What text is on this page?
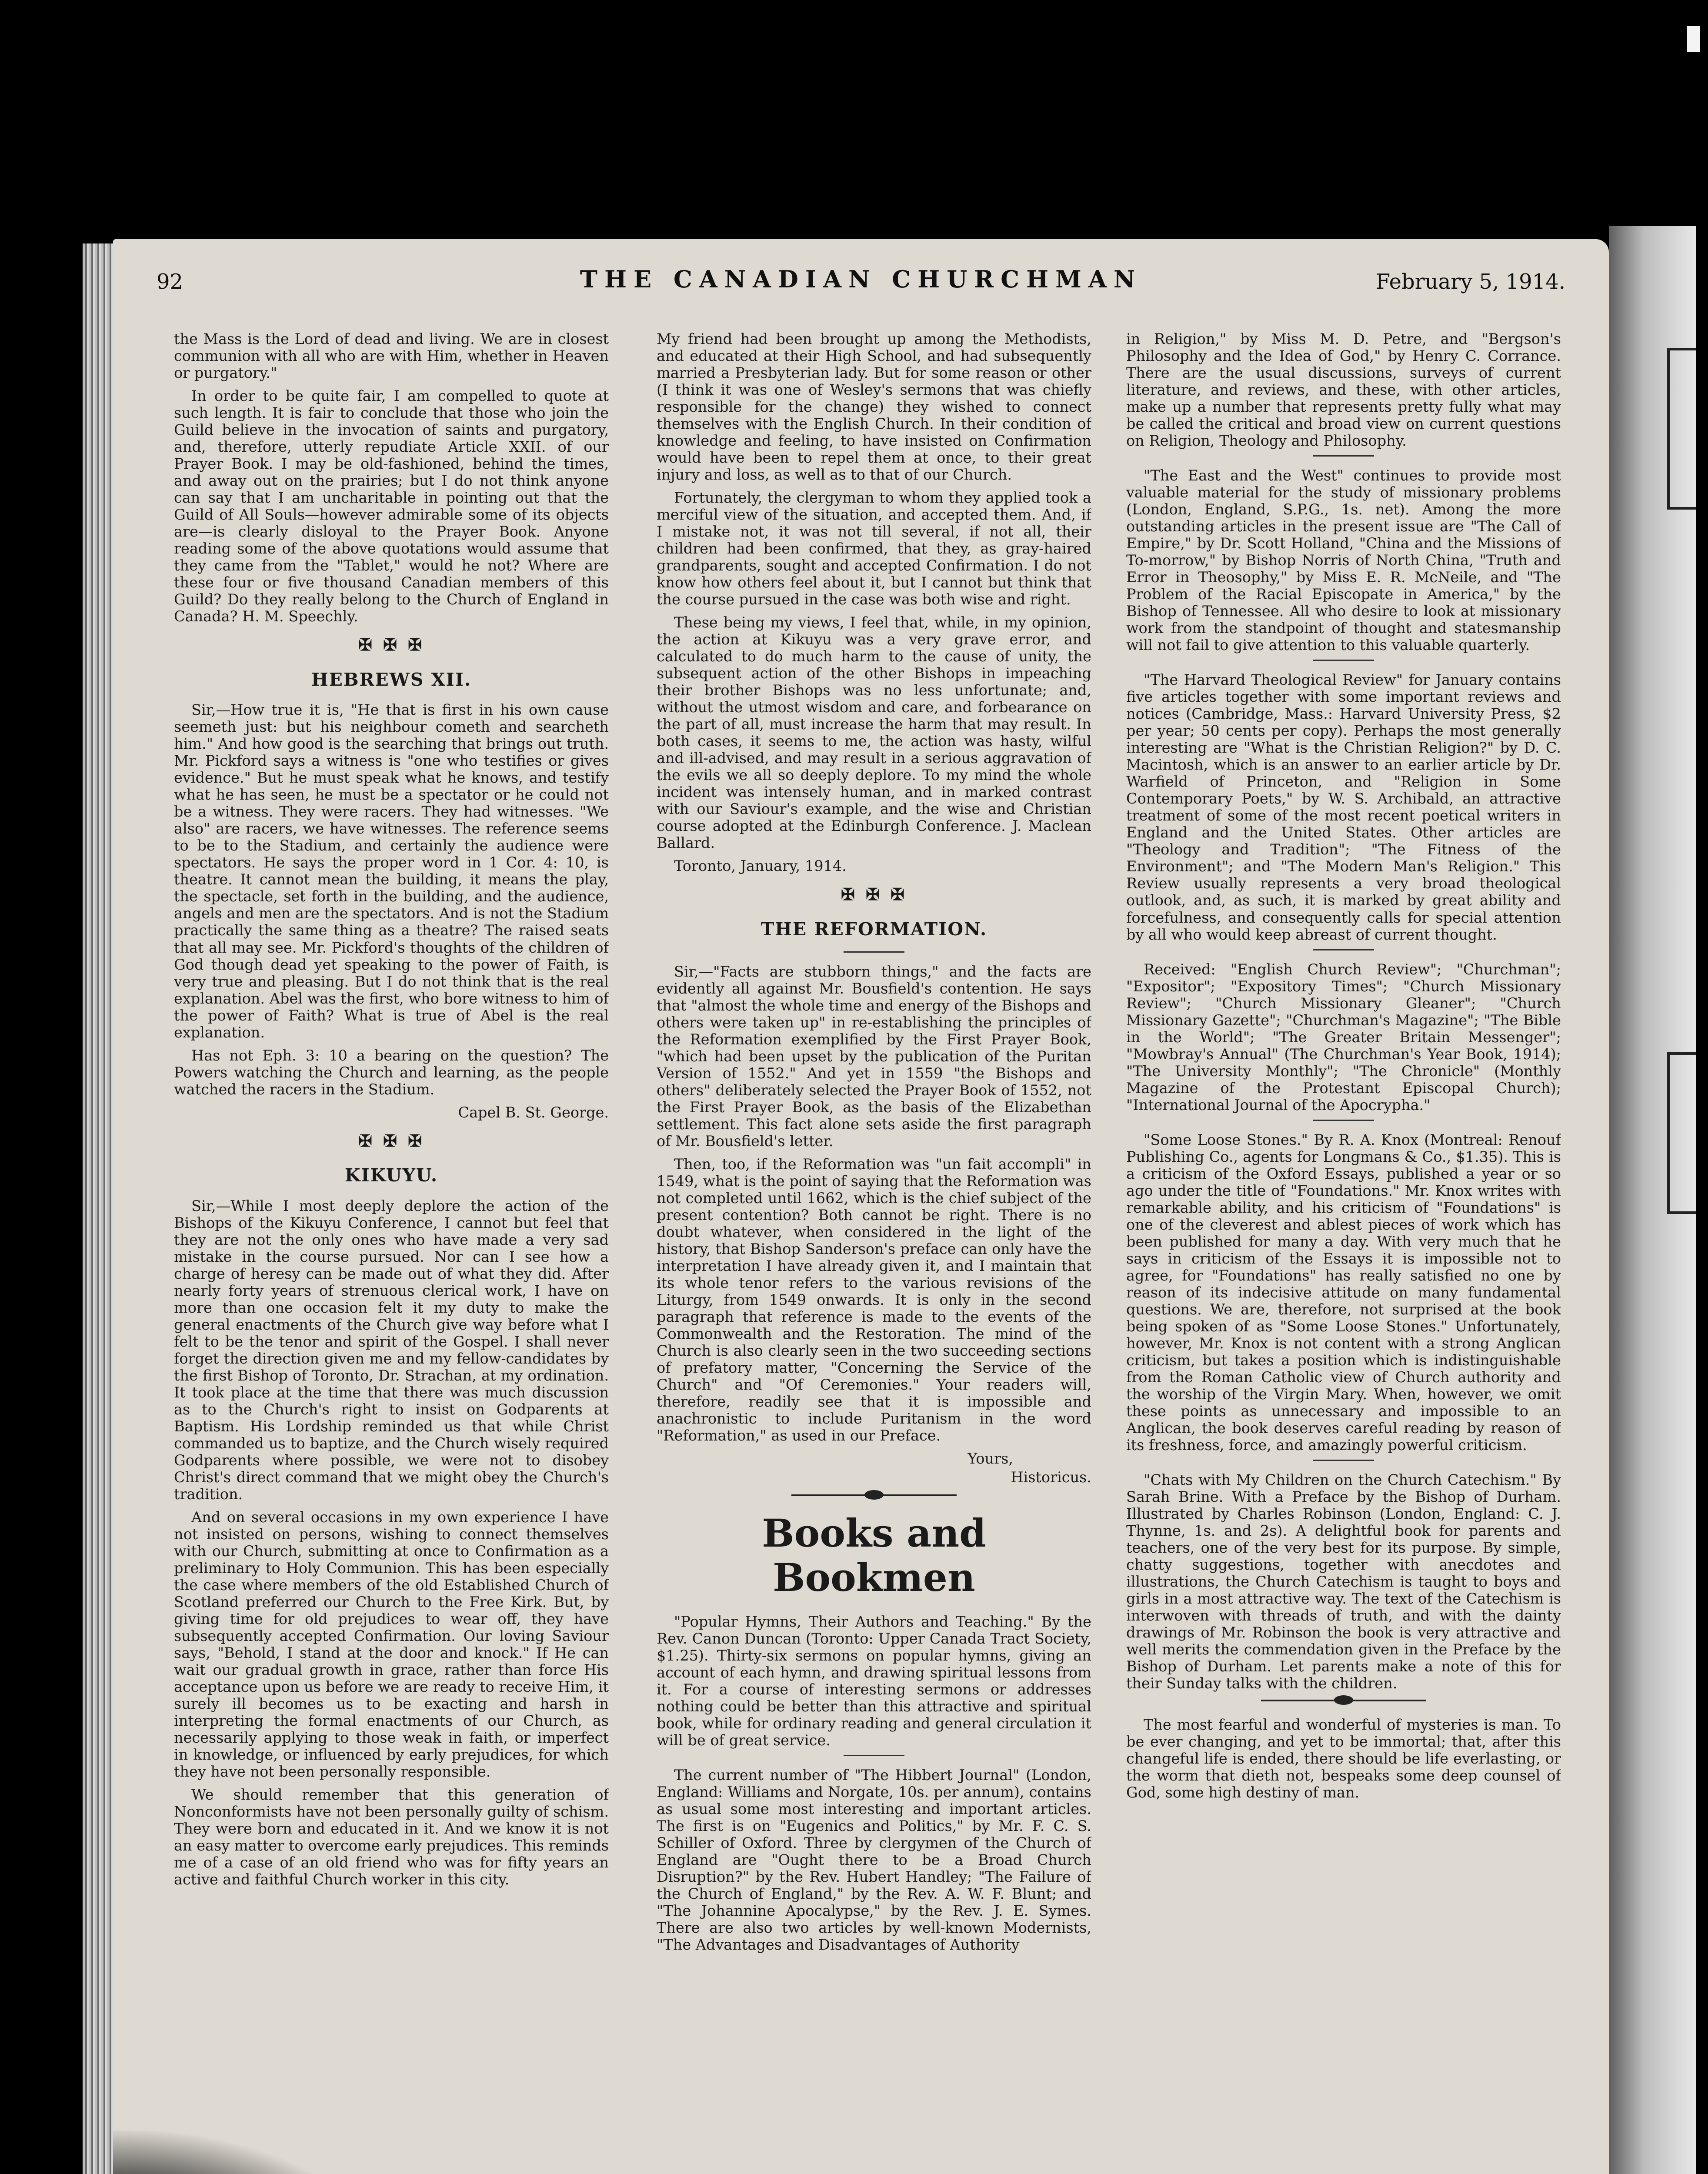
92	THE CANADIAN CHURCHMAN	February 5, 1914.

the Mass is the Lord of dead and living. We are in closest communion with all who are with Him, whether in Heaven or purgatory."

In order to be quite fair, I am compelled to quote at such length. It is fair to conclude that those who join the Guild believe in the invocation of saints and purgatory, and, therefore, utterly repudiate Article XXII. of our Prayer Book. I may be old-fashioned, behind the times, and away out on the prairies; but I do not think anyone can say that I am uncharitable in pointing out that the Guild of All Souls—however admirable some of its objects are—is clearly disloyal to the Prayer Book. Anyone reading some of the above quotations would assume that they came from the "Tablet," would he not? Where are these four or five thousand Canadian members of this Guild? Do they really belong to the Church of England in Canada? H. M. Speechly.

✠ ✠ ✠
HEBREWS XII.

Sir,—How true it is, "He that is first in his own cause seemeth just: but his neighbour cometh and searcheth him." And how good is the searching that brings out truth. Mr. Pickford says a witness is "one who testifies or gives evidence." But he must speak what he knows, and testify what he has seen, he must be a spectator or he could not be a witness. They were racers. They had witnesses. "We also" are racers, we have witnesses. The reference seems to be to the Stadium, and certainly the audience were spectators. He says the proper word in 1 Cor. 4: 10, is theatre. It cannot mean the building, it means the play, the spectacle, set forth in the building, and the audience, angels and men are the spectators. And is not the Stadium practically the same thing as a theatre? The raised seats that all may see. Mr. Pickford's thoughts of the children of God though dead yet speaking to the power of Faith, is very true and pleasing. But I do not think that is the real explanation. Abel was the first, who bore witness to him of the power of Faith? What is true of Abel is the real explanation.

Has not Eph. 3: 10 a bearing on the question? The Powers watching the Church and learning, as the people watched the racers in the Stadium.

Capel B. St. George.

✠ ✠ ✠
KIKUYU.

Sir,—While I most deeply deplore the action of the Bishops of the Kikuyu Conference, I cannot but feel that they are not the only ones who have made a very sad mistake in the course pursued. Nor can I see how a charge of heresy can be made out of what they did. After nearly forty years of strenuous clerical work, I have on more than one occasion felt it my duty to make the general enactments of the Church give way before what I felt to be the tenor and spirit of the Gospel. I shall never forget the direction given me and my fellow-candidates by the first Bishop of Toronto, Dr. Strachan, at my ordination. It took place at the time that there was much discussion as to the Church's right to insist on Godparents at Baptism. His Lordship reminded us that while Christ commanded us to baptize, and the Church wisely required Godparents where possible, we were not to disobey Christ's direct command that we might obey the Church's tradition.

And on several occasions in my own experience I have not insisted on persons, wishing to connect themselves with our Church, submitting at once to Confirmation as a preliminary to Holy Communion. This has been especially the case where members of the old Established Church of Scotland preferred our Church to the Free Kirk. But, by giving time for old prejudices to wear off, they have subsequently accepted Confirmation. Our loving Saviour says, "Behold, I stand at the door and knock." If He can wait our gradual growth in grace, rather than force His acceptance upon us before we are ready to receive Him, it surely ill becomes us to be exacting and harsh in interpreting the formal enactments of our Church, as necessarily applying to those weak in faith, or imperfect in knowledge, or influenced by early prejudices, for which they have not been personally responsible.

We should remember that this generation of Nonconformists have not been personally guilty of schism. They were born and educated in it. And we know it is not an easy matter to overcome early prejudices. This reminds me of a case of an old friend who was for fifty years an active and faithful Church worker in this city.

My friend had been brought up among the Methodists, and educated at their High School, and had subsequently married a Presbyterian lady. But for some reason or other (I think it was one of Wesley's sermons that was chiefly responsible for the change) they wished to connect themselves with the English Church. In their condition of knowledge and feeling, to have insisted on Confirmation would have been to repel them at once, to their great injury and loss, as well as to that of our Church.

Fortunately, the clergyman to whom they applied took a merciful view of the situation, and accepted them. And, if I mistake not, it was not till several, if not all, their children had been confirmed, that they, as gray-haired grandparents, sought and accepted Confirmation. I do not know how others feel about it, but I cannot but think that the course pursued in the case was both wise and right.

These being my views, I feel that, while, in my opinion, the action at Kikuyu was a very grave error, and calculated to do much harm to the cause of unity, the subsequent action of the other Bishops in impeaching their brother Bishops was no less unfortunate; and, without the utmost wisdom and care, and forbearance on the part of all, must increase the harm that may result. In both cases, it seems to me, the action was hasty, wilful and ill-advised, and may result in a serious aggravation of the evils we all so deeply deplore. To my mind the whole incident was intensely human, and in marked contrast with our Saviour's example, and the wise and Christian course adopted at the Edinburgh Conference. J. Maclean Ballard.

Toronto, January, 1914.

✠ ✠ ✠
THE REFORMATION.

Sir,—"Facts are stubborn things," and the facts are evidently all against Mr. Bousfield's contention. He says that "almost the whole time and energy of the Bishops and others were taken up" in re-establishing the principles of the Reformation exemplified by the First Prayer Book, "which had been upset by the publication of the Puritan Version of 1552." And yet in 1559 "the Bishops and others" deliberately selected the Prayer Book of 1552, not the First Prayer Book, as the basis of the Elizabethan settlement. This fact alone sets aside the first paragraph of Mr. Bousfield's letter.

Then, too, if the Reformation was "un fait accompli" in 1549, what is the point of saying that the Reformation was not completed until 1662, which is the chief subject of the present contention? Both cannot be right. There is no doubt whatever, when considered in the light of the history, that Bishop Sanderson's preface can only have the interpretation I have already given it, and I maintain that its whole tenor refers to the various revisions of the Liturgy, from 1549 onwards. It is only in the second paragraph that reference is made to the events of the Commonwealth and the Restoration. The mind of the Church is also clearly seen in the two succeeding sections of prefatory matter, "Concerning the Service of the Church" and "Of Ceremonies." Your readers will, therefore, readily see that it is impossible and anachronistic to include Puritanism in the word "Reformation," as used in our Preface.

Yours,

Historicus.

Books and Bookmen

"Popular Hymns, Their Authors and Teaching." By the Rev. Canon Duncan (Toronto: Upper Canada Tract Society, $1.25). Thirty-six sermons on popular hymns, giving an account of each hymn, and drawing spiritual lessons from it. For a course of interesting sermons or addresses nothing could be better than this attractive and spiritual book, while for ordinary reading and general circulation it will be of great service.

The current number of "The Hibbert Journal" (London, England: Williams and Norgate, 10s. per annum), contains as usual some most interesting and important articles. The first is on "Eugenics and Politics," by Mr. F. C. S. Schiller of Oxford. Three by clergymen of the Church of England are "Ought there to be a Broad Church Disruption?" by the Rev. Hubert Handley; "The Failure of the Church of England," by the Rev. A. W. F. Blunt; and "The Johannine Apocalypse," by the Rev. J. E. Symes. There are also two articles by well-known Modernists, "The Advantages and Disadvantages of Authority

in Religion," by Miss M. D. Petre, and "Bergson's Philosophy and the Idea of God," by Henry C. Corrance. There are the usual discussions, surveys of current literature, and reviews, and these, with other articles, make up a number that represents pretty fully what may be called the critical and broad view on current questions on Religion, Theology and Philosophy.

"The East and the West" continues to provide most valuable material for the study of missionary problems (London, England, S.P.G., 1s. net). Among the more outstanding articles in the present issue are "The Call of Empire," by Dr. Scott Holland, "China and the Missions of To-morrow," by Bishop Norris of North China, "Truth and Error in Theosophy," by Miss E. R. McNeile, and "The Problem of the Racial Episcopate in America," by the Bishop of Tennessee. All who desire to look at missionary work from the standpoint of thought and statesmanship will not fail to give attention to this valuable quarterly.

"The Harvard Theological Review" for January contains five articles together with some important reviews and notices (Cambridge, Mass.: Harvard University Press, $2 per year; 50 cents per copy). Perhaps the most generally interesting are "What is the Christian Religion?" by D. C. Macintosh, which is an answer to an earlier article by Dr. Warfield of Princeton, and "Religion in Some Contemporary Poets," by W. S. Archibald, an attractive treatment of some of the most recent poetical writers in England and the United States. Other articles are "Theology and Tradition"; "The Fitness of the Environment"; and "The Modern Man's Religion." This Review usually represents a very broad theological outlook, and, as such, it is marked by great ability and forcefulness, and consequently calls for special attention by all who would keep abreast of current thought.

Received: "English Church Review"; "Churchman"; "Expositor"; "Expository Times"; "Church Missionary Review"; "Church Missionary Gleaner"; "Church Missionary Gazette"; "Churchman's Magazine"; "The Bible in the World"; "The Greater Britain Messenger"; "Mowbray's Annual" (The Churchman's Year Book, 1914); "The University Monthly"; "The Chronicle" (Monthly Magazine of the Protestant Episcopal Church); "International Journal of the Apocrypha."

"Some Loose Stones." By R. A. Knox (Montreal: Renouf Publishing Co., agents for Longmans & Co., $1.35). This is a criticism of the Oxford Essays, published a year or so ago under the title of "Foundations." Mr. Knox writes with remarkable ability, and his criticism of "Foundations" is one of the cleverest and ablest pieces of work which has been published for many a day. With very much that he says in criticism of the Essays it is impossible not to agree, for "Foundations" has really satisfied no one by reason of its indecisive attitude on many fundamental questions. We are, therefore, not surprised at the book being spoken of as "Some Loose Stones." Unfortunately, however, Mr. Knox is not content with a strong Anglican criticism, but takes a position which is indistinguishable from the Roman Catholic view of Church authority and the worship of the Virgin Mary. When, however, we omit these points as unnecessary and impossible to an Anglican, the book deserves careful reading by reason of its freshness, force, and amazingly powerful criticism.

"Chats with My Children on the Church Catechism." By Sarah Brine. With a Preface by the Bishop of Durham. Illustrated by Charles Robinson (London, England: C. J. Thynne, 1s. and 2s). A delightful book for parents and teachers, one of the very best for its purpose. By simple, chatty suggestions, together with anecdotes and illustrations, the Church Catechism is taught to boys and girls in a most attractive way. The text of the Catechism is interwoven with threads of truth, and with the dainty drawings of Mr. Robinson the book is very attractive and well merits the commendation given in the Preface by the Bishop of Durham. Let parents make a note of this for their Sunday talks with the children.

The most fearful and wonderful of mysteries is man. To be ever changing, and yet to be immortal; that, after this changeful life is ended, there should be life everlasting, or the worm that dieth not, bespeaks some deep counsel of God, some high destiny of man.
